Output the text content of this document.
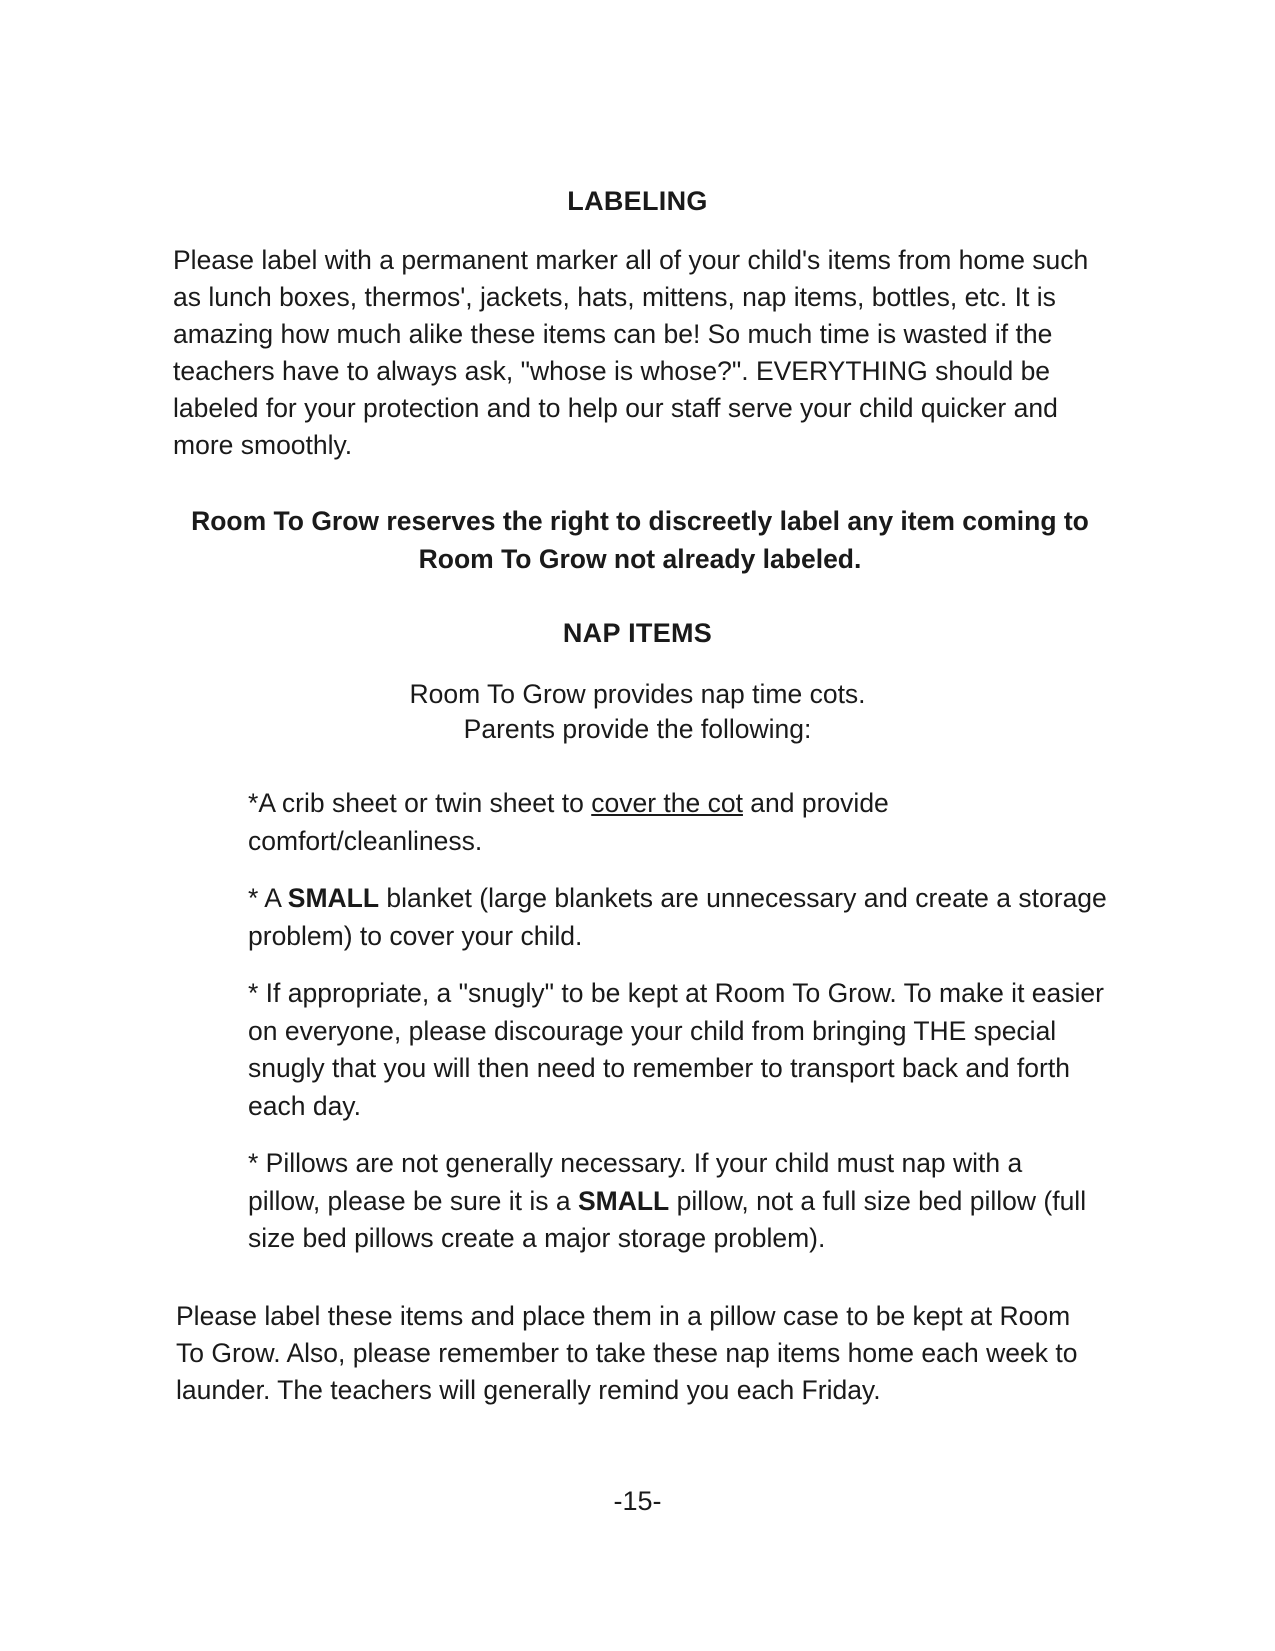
LABELING

Please label with a permanent marker all of your child's items from home such as lunch boxes, thermos', jackets, hats, mittens, nap items, bottles, etc. It is amazing how much alike these items can be! So much time is wasted if the teachers have to always ask, "whose is whose?". EVERYTHING should be labeled for your protection and to help our staff serve your child quicker and more smoothly.

Room To Grow reserves the right to discreetly label any item coming to Room To Grow not already labeled.

NAP ITEMS

Room To Grow provides nap time cots.

Parents provide the following:

*A crib sheet or twin sheet to cover the cot and provide comfort/cleanliness.

* A SMALL blanket (large blankets are unnecessary and create a storage problem) to cover your child.

* If appropriate, a "snugly" to be kept at Room To Grow. To make it easier on everyone, please discourage your child from bringing THE special snugly that you will then need to remember to transport back and forth each day.

* Pillows are not generally necessary. If your child must nap with a pillow, please be sure it is a SMALL pillow, not a full size bed pillow (full size bed pillows create a major storage problem).

Please label these items and place them in a pillow case to be kept at Room To Grow. Also, please remember to take these nap items home each week to launder. The teachers will generally remind you each Friday.

-15-
